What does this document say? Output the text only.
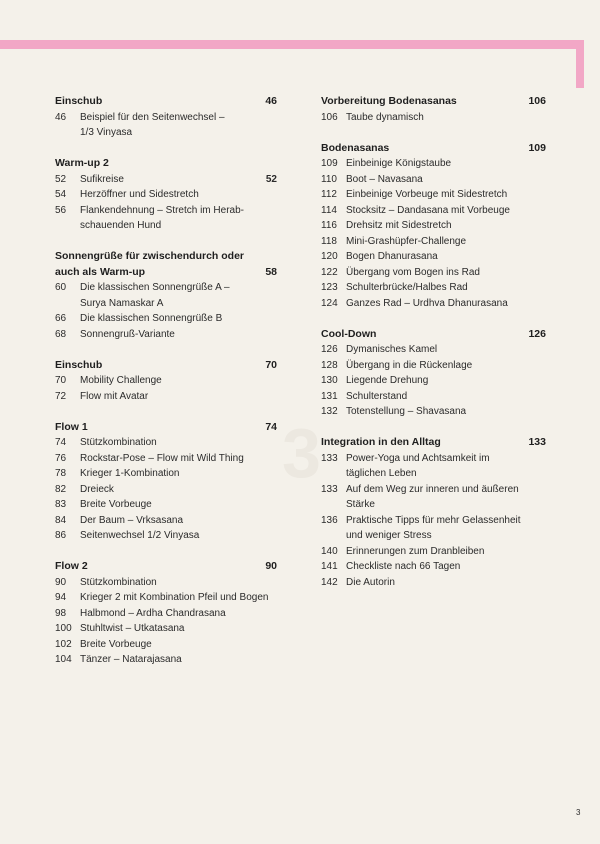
3
Einschub	46
46	Beispiel für den Seitenwechsel –
1/3 Vinyasa
Warm-up 2
52	Sufikreise	52
54	Herzöffner und Sidestretch
56	Flankendehnung – Stretch im Herab-
schauenden Hund
Sonnengrüße für zwischendurch oder
auch als Warm-up	58
60	Die klassischen Sonnengrüße A –
Surya Namaskar A
66	Die klassischen Sonnengrüße B
68	Sonnengruß-Variante
Einschub	70
70	Mobility Challenge
72	Flow mit Avatar
Flow 1	74
74	Stützkombination
76	Rockstar-Pose – Flow mit Wild Thing
78	Krieger 1-Kombination
82	Dreieck
83	Breite Vorbeuge
84	Der Baum – Vrksasana
86	Seitenwechsel 1/2 Vinyasa
Flow 2	90
90	Stützkombination
94	Krieger 2 mit Kombination Pfeil und Bogen
98	Halbmond – Ardha Chandrasana
100 Stuhltwist – Utkatasana
102 Breite Vorbeuge
104 Tänzer – Natarajasana
Vorbereitung Bodenasanas	106
106 Taube dynamisch
Bodenasanas	109
109 Einbeinige Königstaube
110 Boot – Navasana
112 Einbeinige Vorbeuge mit Sidestretch
114 Stocksitz – Dandasana mit Vorbeuge
116 Drehsitz mit Sidestretch
118 Mini-Grashüpfer-Challenge
120 Bogen Dhanurasana
122 Übergang vom Bogen ins Rad
123 Schulterbrücke/Halbes Rad
124 Ganzes Rad – Urdhva Dhanurasana
Cool-Down	126
126 Dymanisches Kamel
128 Übergang in die Rückenlage
130 Liegende Drehung
131 Schulterstand
132 Totenstellung – Shavasana
Integration in den Alltag	133
133 Power-Yoga und Achtsamkeit im
täglichen Leben
133 Auf dem Weg zur inneren und äußeren
Stärke
136 Praktische Tipps für mehr Gelassenheit
und weniger Stress
140 Erinnerungen zum Dranbleiben
141 Checkliste nach 66 Tagen
142 Die Autorin
3
